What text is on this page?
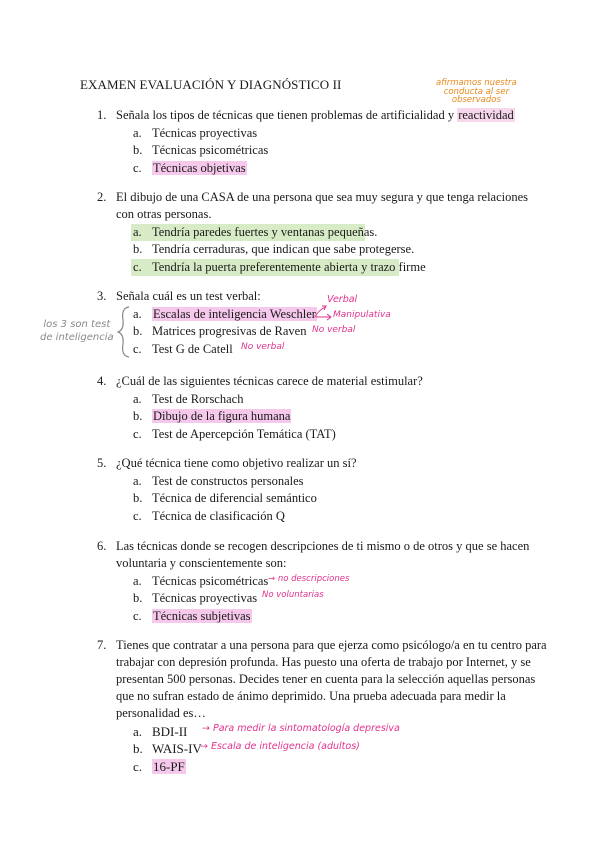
EXAMEN EVALUACIÓN Y DIAGNÓSTICO II	afirmamos nuestra
conducta al ser
observados
1. Señala los tipos de técnicas que tienen problemas de artificialidad y reactividad
a. Técnicas proyectivas
b. Técnicas psicométricas
c. Técnicas objetivas
2. El dibujo de una CASA de una persona que sea muy segura y que tenga relaciones
con otras personas.
a. Tendría paredes fuertes y ventanas pequeñas.
b. Tendría cerraduras, que indican que sabe protegerse.
c. Tendría la puerta preferentemente abierta y trazo firme
3. Señala cuál es un test verbal:
a. Escalas de inteligencia Weschler
b. Matrices progresivas de Raven
c. Test G de Catell
los 3 son test
de inteligencia
Verbal
Manipulativa
No verbal
No verbal
4. ¿Cuál de las siguientes técnicas carece de material estimular?
a. Test de Rorschach
b. Dibujo de la figura humana
c. Test de Apercepción Temática (TAT)
5. ¿Qué técnica tiene como objetivo realizar un sí?
a. Test de constructos personales
b. Técnica de diferencial semántico
c. Técnica de clasificación Q
6. Las técnicas donde se recogen descripciones de ti mismo o de otros y que se hacen
voluntaria y conscientemente son:
a. Técnicas psicométricas
b. Técnicas proyectivas
c. Técnicas subjetivas
→ no descripciones
No voluntarias
7. Tienes que contratar a una persona para que ejerza como psicólogo/a en tu centro para
trabajar con depresión profunda. Has puesto una oferta de trabajo por Internet, y se
presentan 500 personas. Decides tener en cuenta para la selección aquellas personas
que no sufran estado de ánimo deprimido. Una prueba adecuada para medir la
personalidad es…
a. BDI-II
b. WAIS-IV
c. 16-PF
→ Para medir la sintomatología depresiva
→ Escala de inteligencia (adultos)
